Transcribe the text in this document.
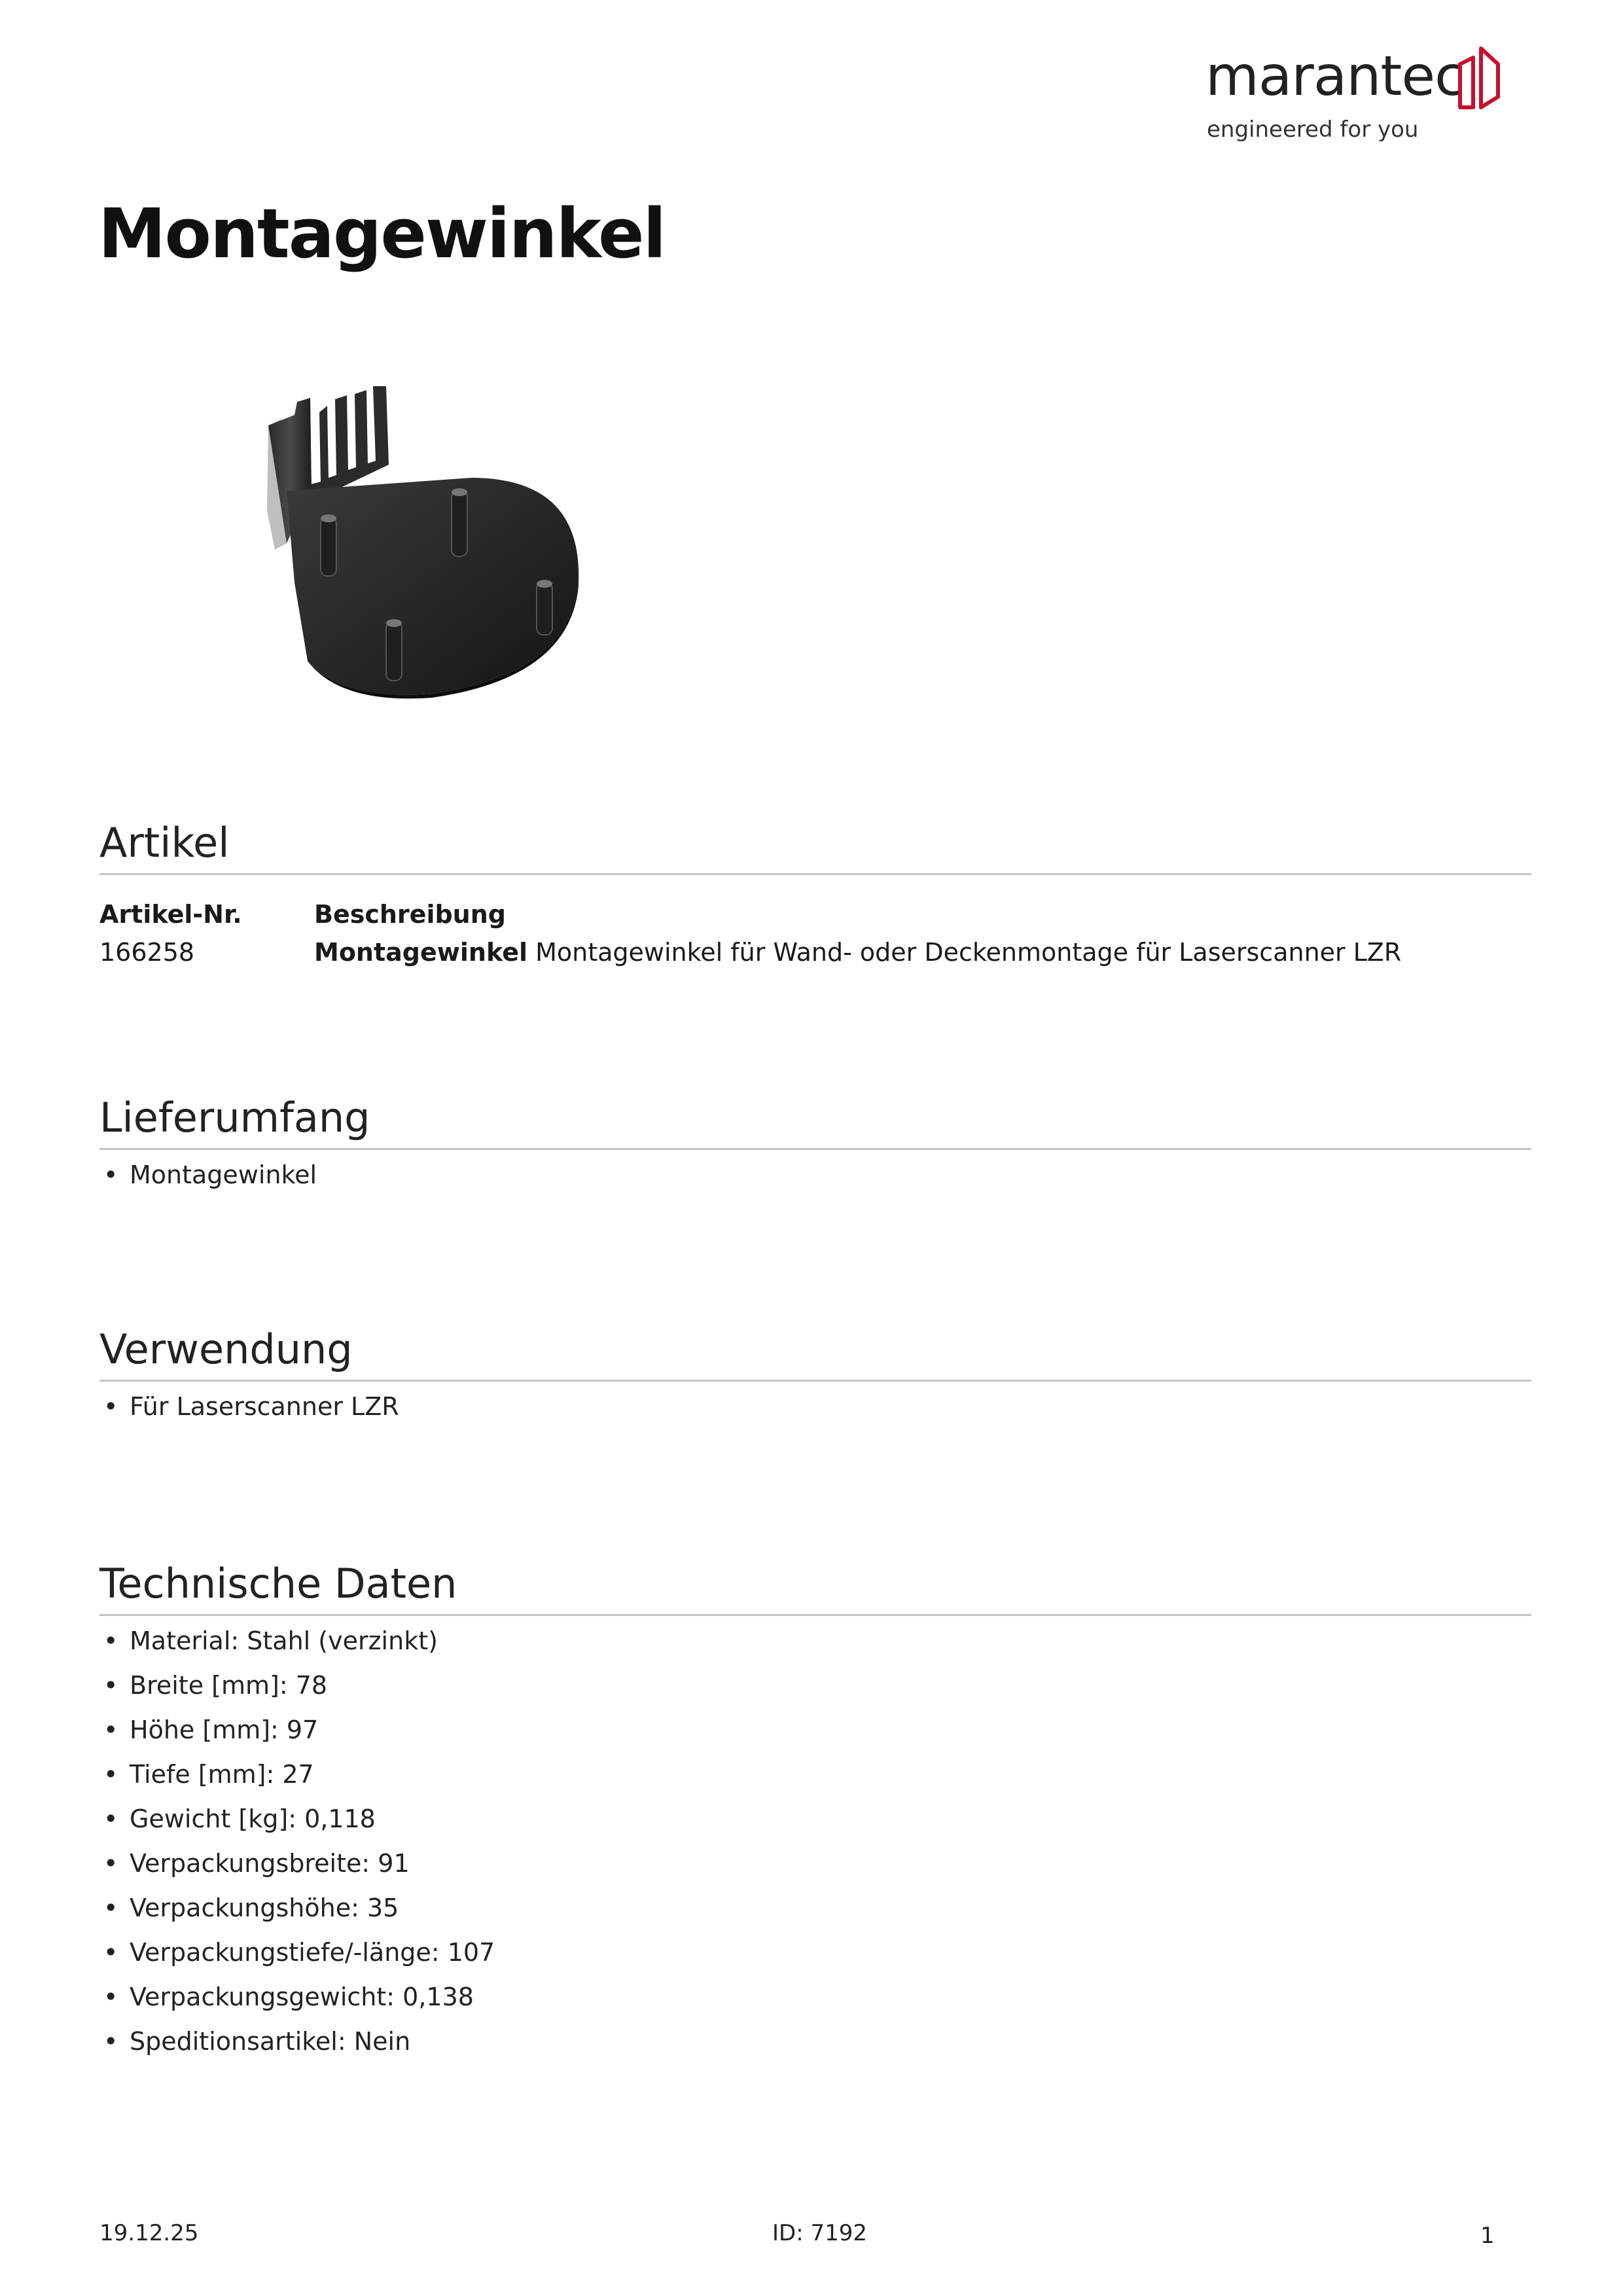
marantec
engineered for you
Montagewinkel
Artikel
Artikel-Nr.	Beschreibung
166258	Montagewinkel Montagewinkel für Wand- oder Deckenmontage für Laserscanner LZR
Lieferumfang
• Montagewinkel
Verwendung
• Für Laserscanner LZR
Technische Daten
• Material: Stahl (verzinkt)
• Breite [mm]: 78
• Höhe [mm]: 97
• Tiefe [mm]: 27
• Gewicht [kg]: 0,118
• Verpackungsbreite: 91
• Verpackungshöhe: 35
• Verpackungstiefe/-länge: 107
• Verpackungsgewicht: 0,138
• Speditionsartikel: Nein
19.12.25	ID: 7192	1
